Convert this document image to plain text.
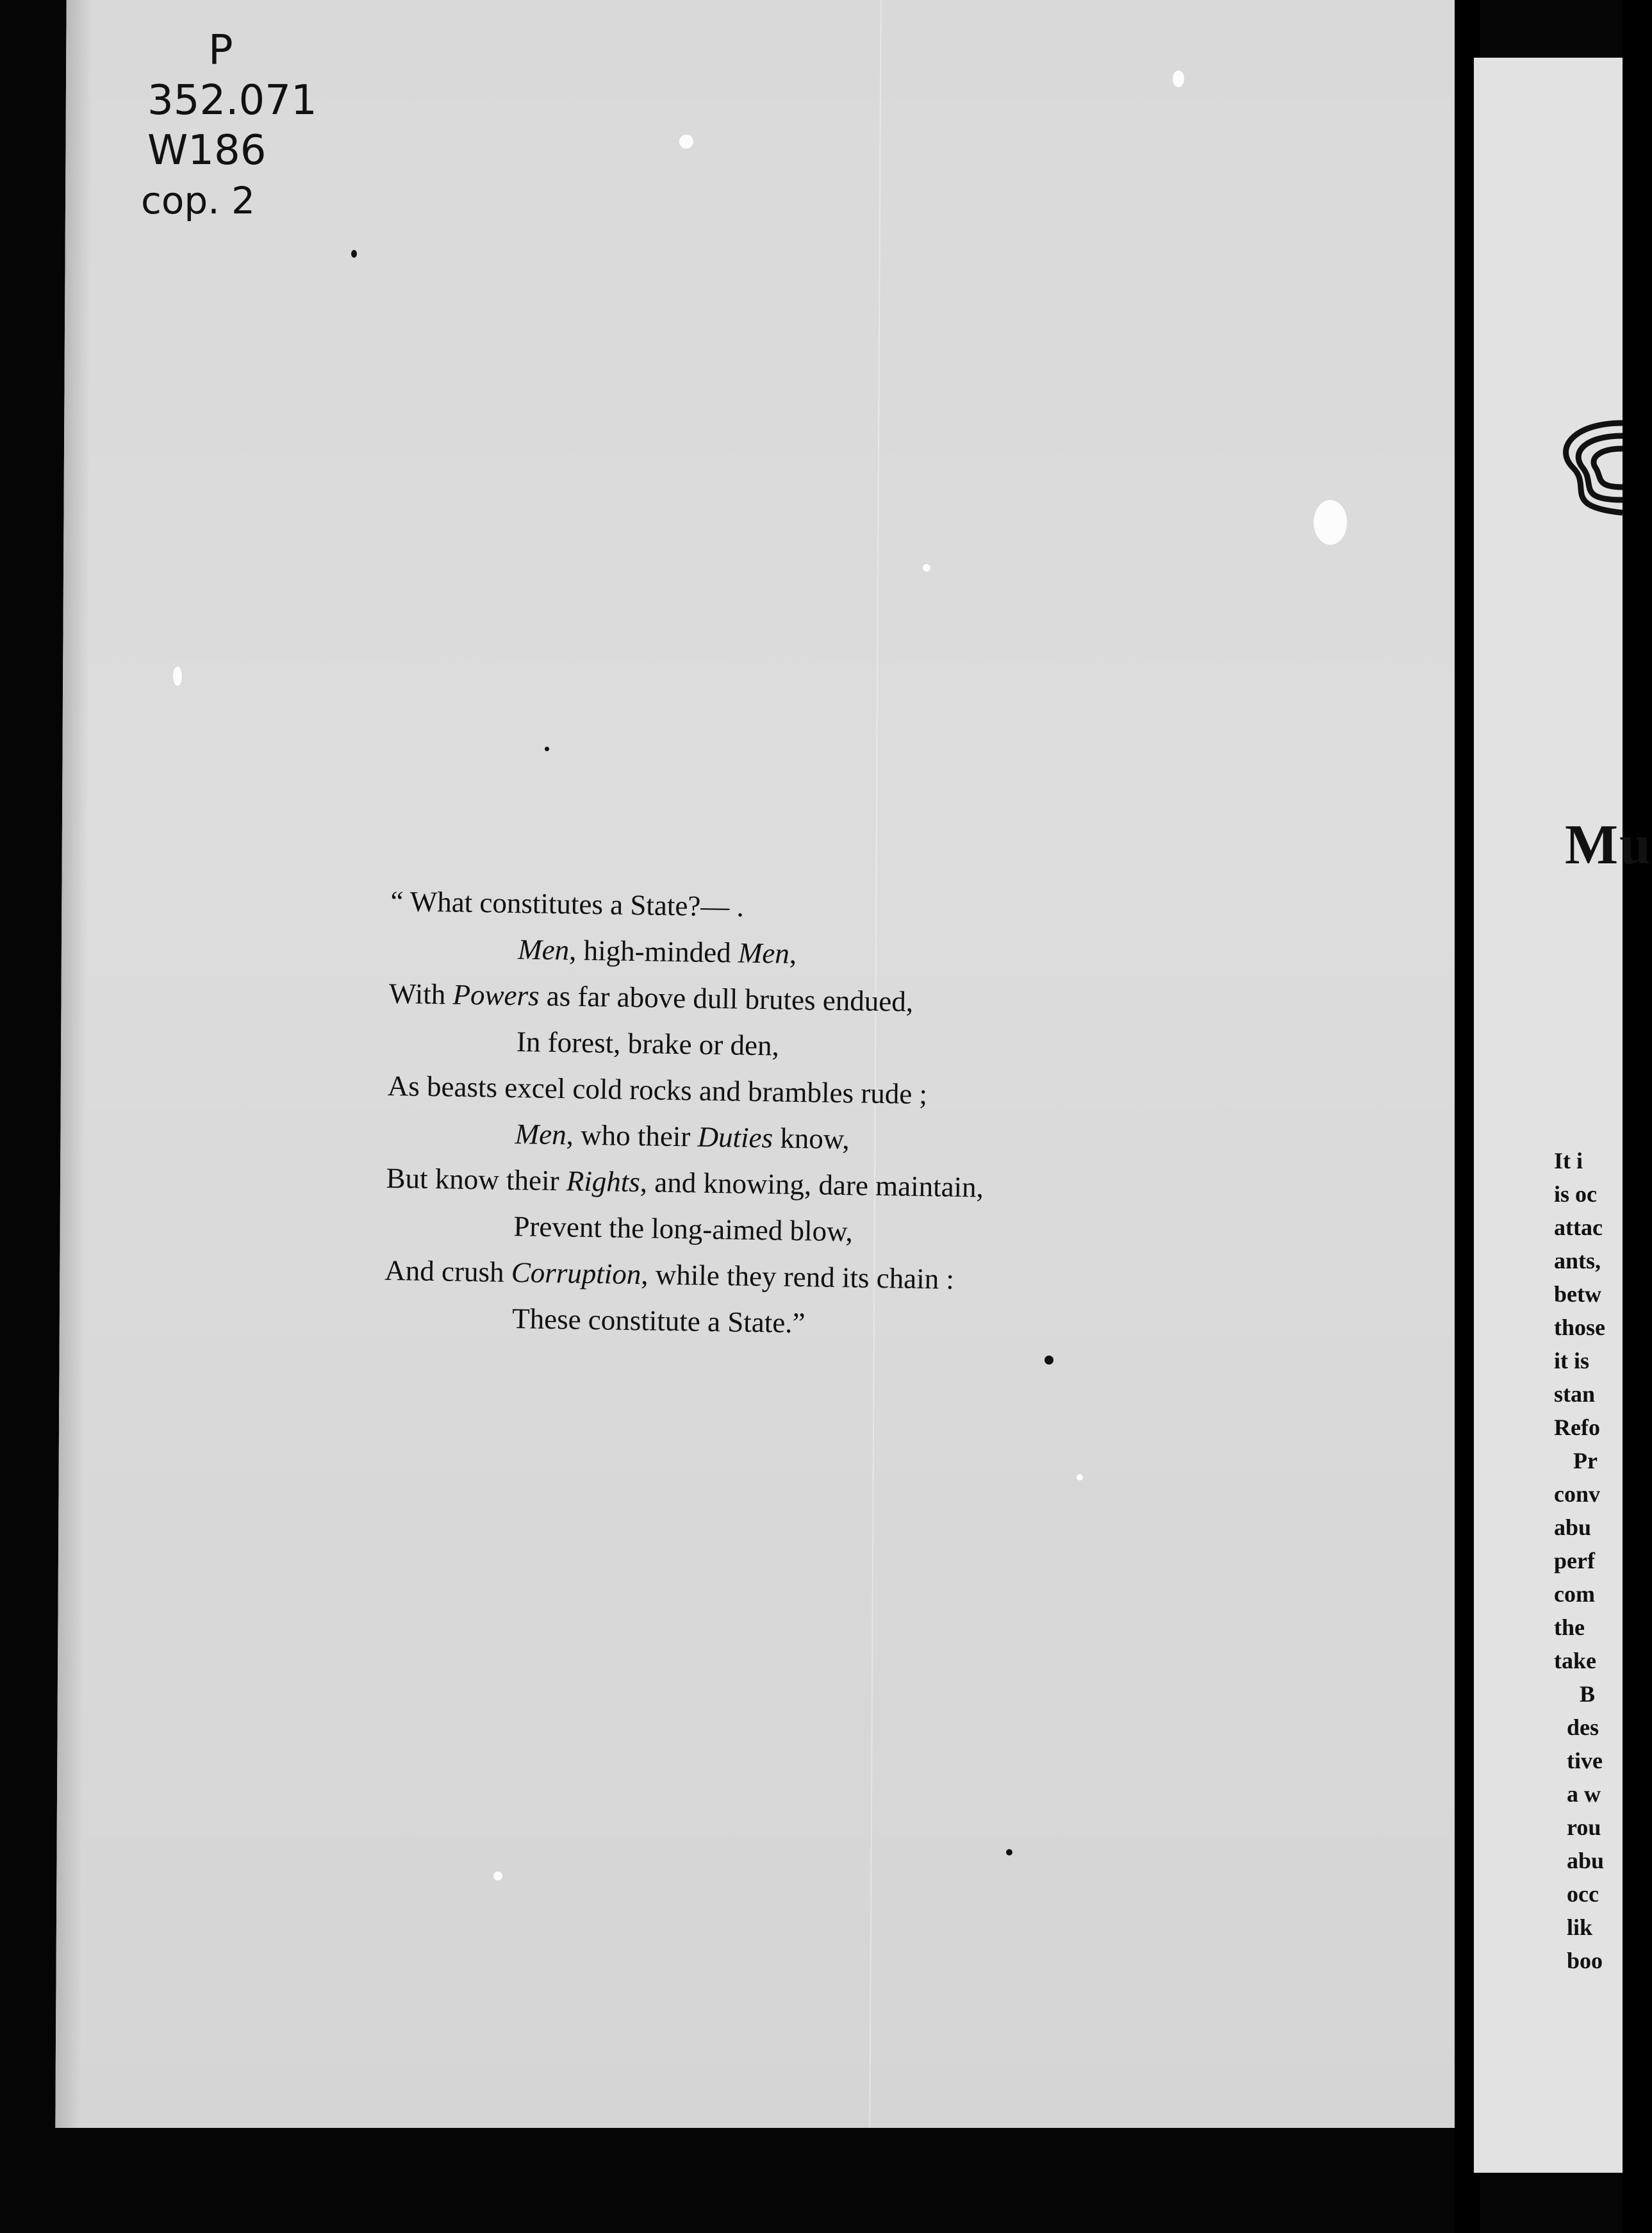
P
352.071
W186
cop. 2
“ What constitutes a State?— .
Men, high-minded Men,
With Powers as far above dull brutes endued,
In forest, brake or den,
As beasts excel cold rocks and brambles rude ;
Men, who their Duties know,
But know their Rights, and knowing, dare maintain,
Prevent the long-aimed blow,
And crush Corruption, while they rend its chain :
These constitute a State.”
Mu
It i
is oc
attac
ants,
betw
those
it is
stan
Refo
Pr
conv
abu
perf
com
the
take
B
des
tive
a w
rou
abu
occ
lik
boo
